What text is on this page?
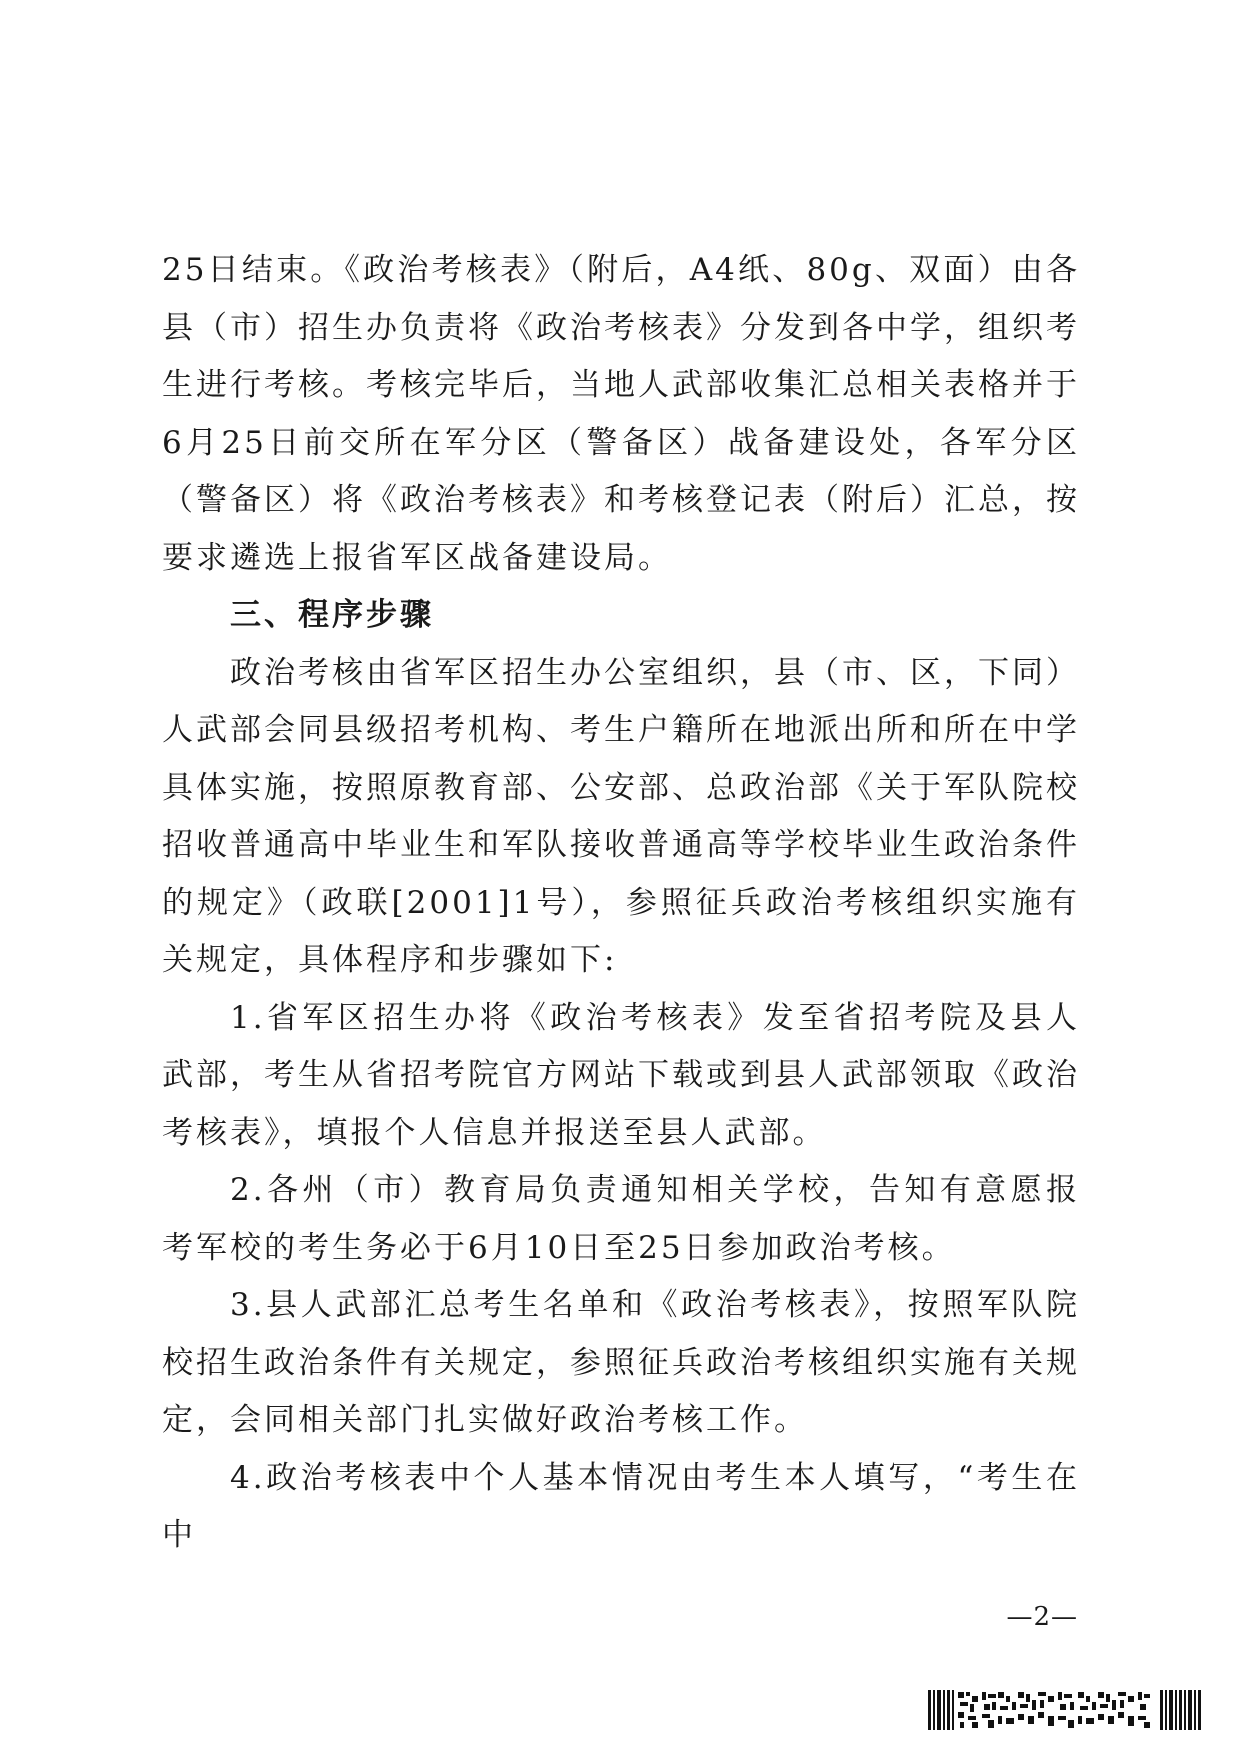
25日结束。《政治考核表》（附后，A4纸、80g、双面）由各县（市）招生办负责将《政治考核表》分发到各中学，组织考生进行考核。考核完毕后，当地人武部收集汇总相关表格并于6月25日前交所在军分区（警备区）战备建设处，各军分区（警备区）将《政治考核表》和考核登记表（附后）汇总，按要求遴选上报省军区战备建设局。

三、程序步骤

政治考核由省军区招生办公室组织，县（市、区，下同）人武部会同县级招考机构、考生户籍所在地派出所和所在中学具体实施，按照原教育部、公安部、总政治部《关于军队院校招收普通高中毕业生和军队接收普通高等学校毕业生政治条件的规定》（政联[2001]1号），参照征兵政治考核组织实施有关规定，具体程序和步骤如下:

1.省军区招生办将《政治考核表》发至省招考院及县人武部，考生从省招考院官方网站下载或到县人武部领取《政治考核表》，填报个人信息并报送至县人武部。

2.各州（市）教育局负责通知相关学校，告知有意愿报考军校的考生务必于6月10日至25日参加政治考核。

3.县人武部汇总考生名单和《政治考核表》，按照军队院校招生政治条件有关规定，参照征兵政治考核组织实施有关规定，会同相关部门扎实做好政治考核工作。

4.政治考核表中个人基本情况由考生本人填写，“考生在中

—2—
